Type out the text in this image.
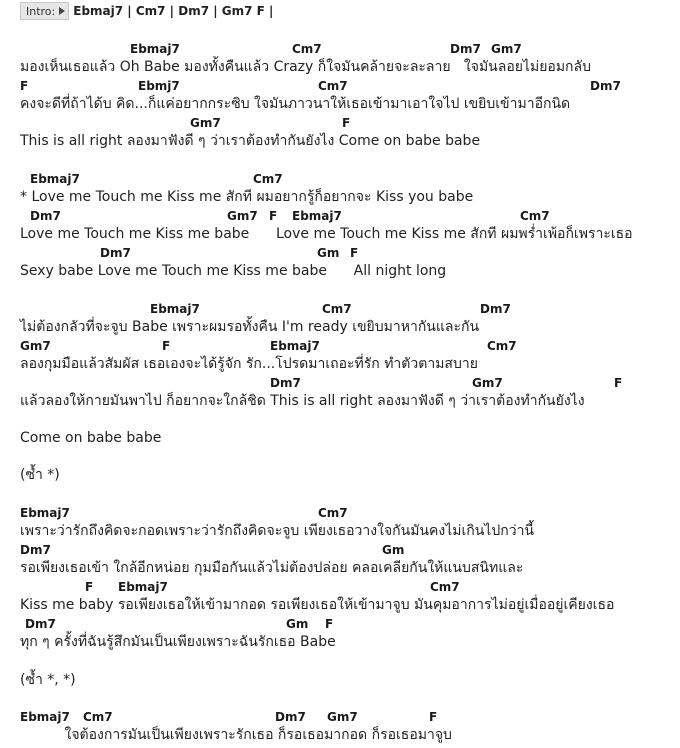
Intro: Ebmaj7 | Cm7 | Dm7 | Gm7 F |
Ebmaj7	Cm7	Dm7 Gm7
มองเห็นเธอแล้ว Oh Babe มองทั้งคืนแล้ว Crazy ก็ใจมันคล้ายจะละลาย   ใจมันลอยไม่ยอมกลับ
F	Ebmj7	Cm7	Dm7
คงจะดีที่ถ้าได้บ คิด...ก็แค่อยากกระซิบ ใจมันภาวนาให้เธอเข้ามาเอาใจไป เขยิบเข้ามาอีกนิด
Gm7	F
This is all right ลองมาฟังดี ๆ ว่าเราต้องทำกันยังไง Come on babe babe
Ebmaj7	Cm7
* Love me Touch me Kiss me สักที ผมอยากรู้ก็อยากจะ Kiss you babe
Dm7	Gm7 F Ebmaj7	Cm7
Love me Touch me Kiss me babe      Love me Touch me Kiss me สักที ผมพร่ำเพ้อก็เพราะเธอ
Dm7	Gm F
Sexy babe Love me Touch me Kiss me babe      All night long
Ebmaj7	Cm7	Dm7
ไม่ต้องกลัวที่จะจูบ Babe เพราะผมรอทั้งคืน I'm ready เขยิบมาหากันและกัน
Gm7	F	Ebmaj7	Cm7
ลองกุมมือแล้วสัมผัส เธอเองจะได้รู้จัก รัก...โปรดมาเถอะที่รัก ทำตัวตามสบาย
Dm7	Gm7	F
แล้วลองให้กายมันพาไป ก็อยากจะใกล้ชิด This is all right ลองมาฟังดี ๆ ว่าเราต้องทำกันยังไง
Come on babe babe
(ซ้ำ *)
Ebmaj7	Cm7
เพราะว่ารักถึงคิดจะกอดเพราะว่ารักถึงคิดจะจูบ เพียงเธอวางใจกันมันคงไม่เกินไปกว่านี้
Dm7	Gm
รอเพียงเธอเข้า ใกล้อีกหน่อย กุมมือกันแล้วไม่ต้องปล่อย คลอเคลียกันให้แนบสนิทและ
F Ebmaj7	Cm7
Kiss me baby รอเพียงเธอให้เข้ามากอด รอเพียงเธอให้เข้ามาจูบ มันคุมอาการไม่อยู่เมื่ออยู่เคียงเธอ
Dm7	Gm F
ทุก ๆ ครั้งที่ฉันรู้สึกมันเป็นเพียงเพราะฉันรักเธอ Babe
(ซ้ำ *, *)
Ebmaj7 Cm7	Dm7 Gm7	F
ใจต้องการมันเป็นเพียงเพราะรักเธอ ก็รอเธอมากอด ก็รอเธอมาจูบ
